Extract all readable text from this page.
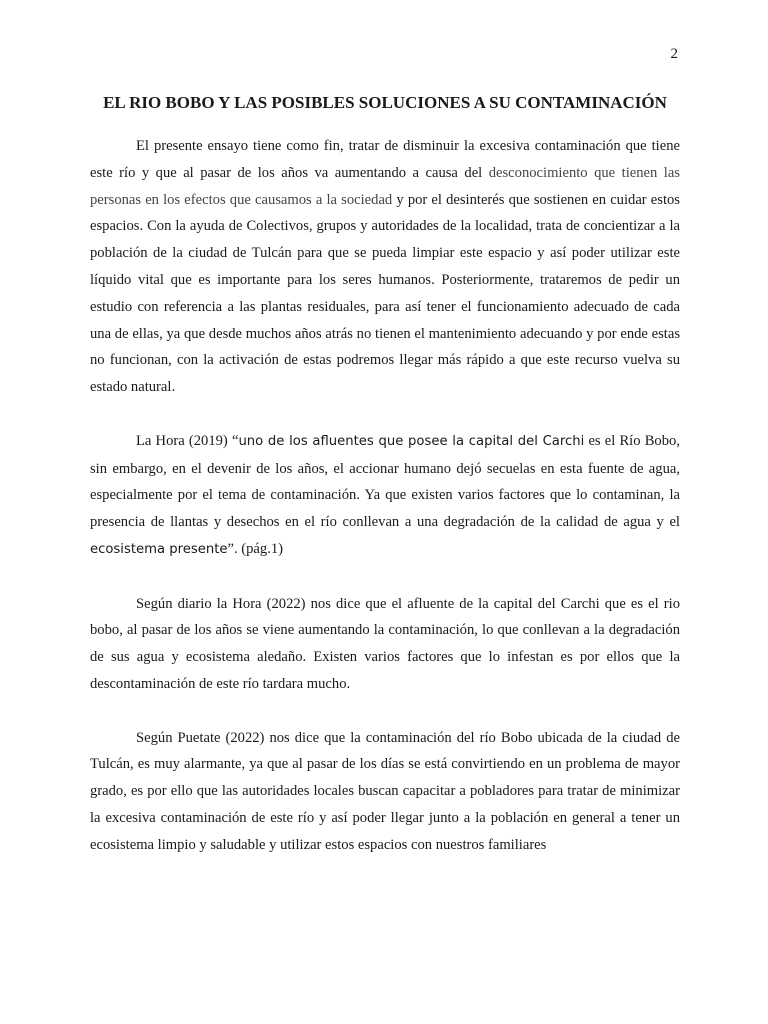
2
EL RIO BOBO Y LAS POSIBLES SOLUCIONES A SU CONTAMINACIÓN

El presente ensayo tiene como fin, tratar de disminuir la excesiva contaminación que tiene este río y que al pasar de los años va aumentando a causa del desconocimiento que tienen las personas en los efectos que causamos a la sociedad y por el desinterés que sostienen en cuidar estos espacios. Con la ayuda de Colectivos, grupos y autoridades de la localidad, trata de concientizar a la población de la ciudad de Tulcán para que se pueda limpiar este espacio y así poder utilizar este líquido vital que es importante para los seres humanos. Posteriormente, trataremos de pedir un estudio con referencia a las plantas residuales, para así tener el funcionamiento adecuado de cada una de ellas, ya que desde muchos años atrás no tienen el mantenimiento adecuando y por ende estas no funcionan, con la activación de estas podremos llegar más rápido a que este recurso vuelva su estado natural.

La Hora (2019) “uno de los afluentes que posee la capital del Carchi es el Río Bobo, sin embargo, en el devenir de los años, el accionar humano dejó secuelas en esta fuente de agua, especialmente por el tema de contaminación. Ya que existen varios factores que lo contaminan, la presencia de llantas y desechos en el río conllevan a una degradación de la calidad de agua y el ecosistema presente”. (pág.1)

Según diario la Hora (2022) nos dice que el afluente de la capital del Carchi que es el rio bobo, al pasar de los años se viene aumentando la contaminación, lo que conllevan a la degradación de sus agua y ecosistema aledaño. Existen varios factores que lo infestan es por ellos que la descontaminación de este río tardara mucho.

Según Puetate (2022) nos dice que la contaminación del río Bobo ubicada de la ciudad de Tulcán, es muy alarmante, ya que al pasar de los días se está convirtiendo en un problema de mayor grado, es por ello que las autoridades locales buscan capacitar a pobladores para tratar de minimizar la excesiva contaminación de este río y así poder llegar junto a la población en general a tener un ecosistema limpio y saludable y utilizar estos espacios con nuestros familiares
